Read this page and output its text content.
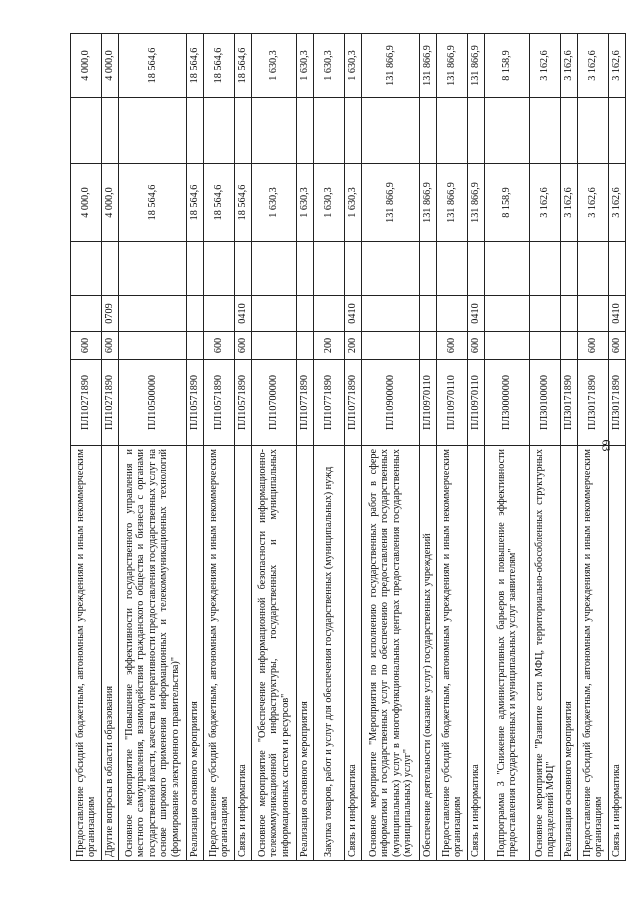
63
Предоставление субсидий бюджетным, автономным учреждениям и иным некоммерческим организациям	ПЛ10271890	600			4 000,0		4 000,0
Другие вопросы в области образования	ПЛ10271890	600	0709		4 000,0		4 000,0
Основное мероприятие "Повышение эффективности государственного управления и местного самоуправления, взаимодействия гражданского общества и бизнеса с органами государственной власти, качества и оперативности предоставления государственных услуг на основе широкого применения информационных и телекоммуникационных технологий (формирование электронного правительства)"	ПЛ10500000				18 564,6		18 564,6
Реализация основного мероприятия	ПЛ10571890				18 564,6		18 564,6
Предоставление субсидий бюджетным, автономным учреждениям и иным некоммерческим организациям	ПЛ10571890	600			18 564,6		18 564,6
Связь и информатика	ПЛ10571890	600	0410		18 564,6		18 564,6
Основное мероприятие "Обеспечение информационной безопасности информационно-телекоммуникационной инфраструктуры, государственных и муниципальных информационных систем и ресурсов"	ПЛ10700000				1 630,3		1 630,3
Реализация основного мероприятия	ПЛ10771890				1 630,3		1 630,3
Закупка товаров, работ и услуг для обеспечения государственных (муниципальных) нужд	ПЛ10771890	200			1 630,3		1 630,3
Связь и информатика	ПЛ10771890	200	0410		1 630,3		1 630,3
Основное мероприятие "Мероприятия по исполнению государственных работ в сфере информатики и государственных услуг по обеспечению предоставления государственных (муниципальных) услуг в многофункциональных центрах предоставления государственных (муниципальных) услуг"	ПЛ10900000				131 866,9		131 866,9
Обеспечение деятельности (оказание услуг) государственных учреждений	ПЛ10970110				131 866,9		131 866,9
Предоставление субсидий бюджетным, автономным учреждениям и иным некоммерческим организациям	ПЛ10970110	600			131 866,9		131 866,9
Связь и информатика	ПЛ10970110	600	0410		131 866,9		131 866,9
Подпрограмма 3 "Снижение административных барьеров и повышение эффективности предоставления государственных и муниципальных услуг заявителям"	ПЛ30000000				8 158,9		8 158,9
Основное мероприятие "Развитие сети МФЦ, территориально-обособленных структурных подразделений МФЦ"	ПЛ30100000				3 162,6		3 162,6
Реализация основного мероприятия	ПЛ30171890				3 162,6		3 162,6
Предоставление субсидий бюджетным, автономным учреждениям и иным некоммерческим организациям	ПЛ30171890	600			3 162,6		3 162,6
Связь и информатика	ПЛ30171890	600	0410		3 162,6		3 162,6
